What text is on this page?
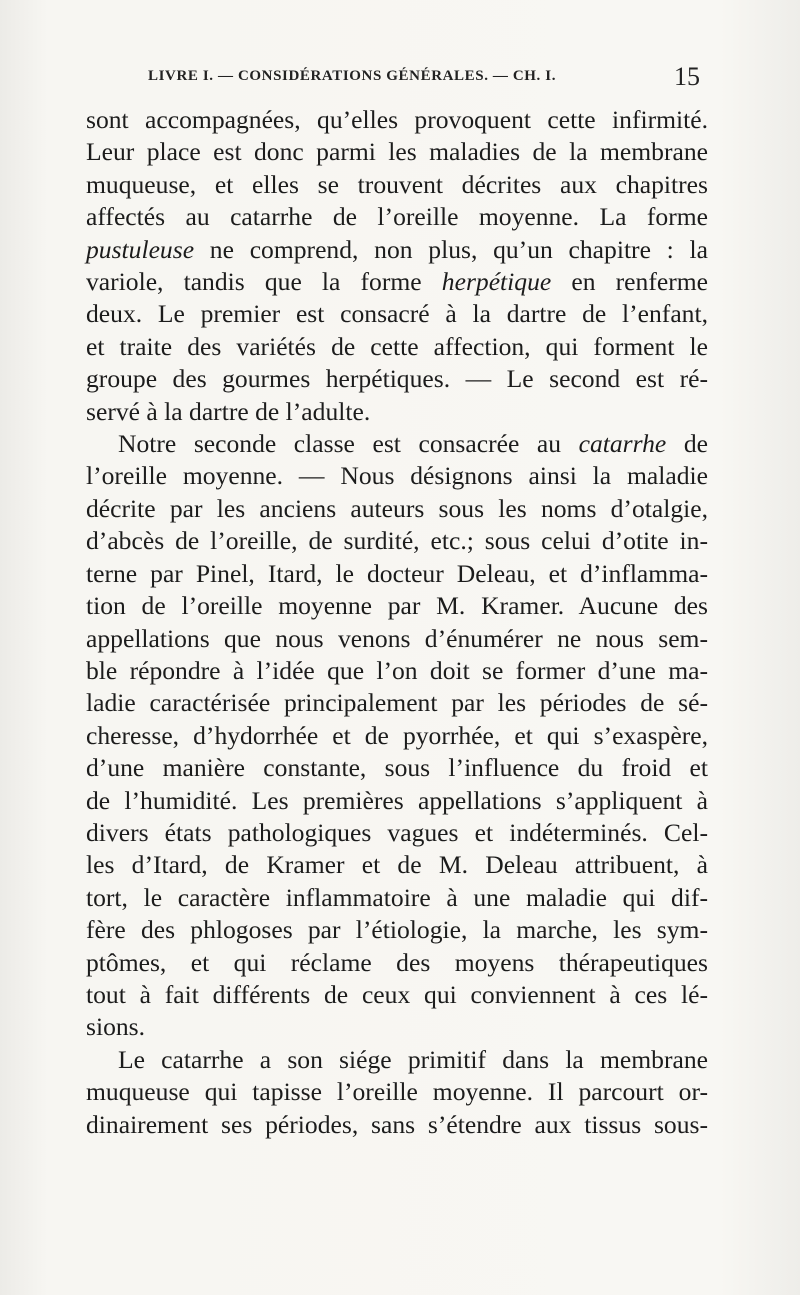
LIVRE I. — CONSIDÉRATIONS GÉNÉRALES. — CH. I.	15
sont accompagnées, qu’elles provoquent cette infirmité.
Leur place est donc parmi les maladies de la membrane
muqueuse, et elles se trouvent décrites aux chapitres
affectés au catarrhe de l’oreille moyenne. La forme
pustuleuse ne comprend, non plus, qu’un chapitre : la
variole, tandis que la forme herpétique en renferme
deux. Le premier est consacré à la dartre de l’enfant,
et traite des variétés de cette affection, qui forment le
groupe des gourmes herpétiques. — Le second est ré-
servé à la dartre de l’adulte.
Notre seconde classe est consacrée au catarrhe de
l’oreille moyenne. — Nous désignons ainsi la maladie
décrite par les anciens auteurs sous les noms d’otalgie,
d’abcès de l’oreille, de surdité, etc.; sous celui d’otite in-
terne par Pinel, Itard, le docteur Deleau, et d’inflamma-
tion de l’oreille moyenne par M. Kramer. Aucune des
appellations que nous venons d’énumérer ne nous sem-
ble répondre à l’idée que l’on doit se former d’une ma-
ladie caractérisée principalement par les périodes de sé-
cheresse, d’hydorrhée et de pyorrhée, et qui s’exaspère,
d’une manière constante, sous l’influence du froid et
de l’humidité. Les premières appellations s’appliquent à
divers états pathologiques vagues et indéterminés. Cel-
les d’Itard, de Kramer et de M. Deleau attribuent, à
tort, le caractère inflammatoire à une maladie qui dif-
fère des phlogoses par l’étiologie, la marche, les sym-
ptômes, et qui réclame des moyens thérapeutiques
tout à fait différents de ceux qui conviennent à ces lé-
sions.
Le catarrhe a son siége primitif dans la membrane
muqueuse qui tapisse l’oreille moyenne. Il parcourt or-
dinairement ses périodes, sans s’étendre aux tissus sous-
